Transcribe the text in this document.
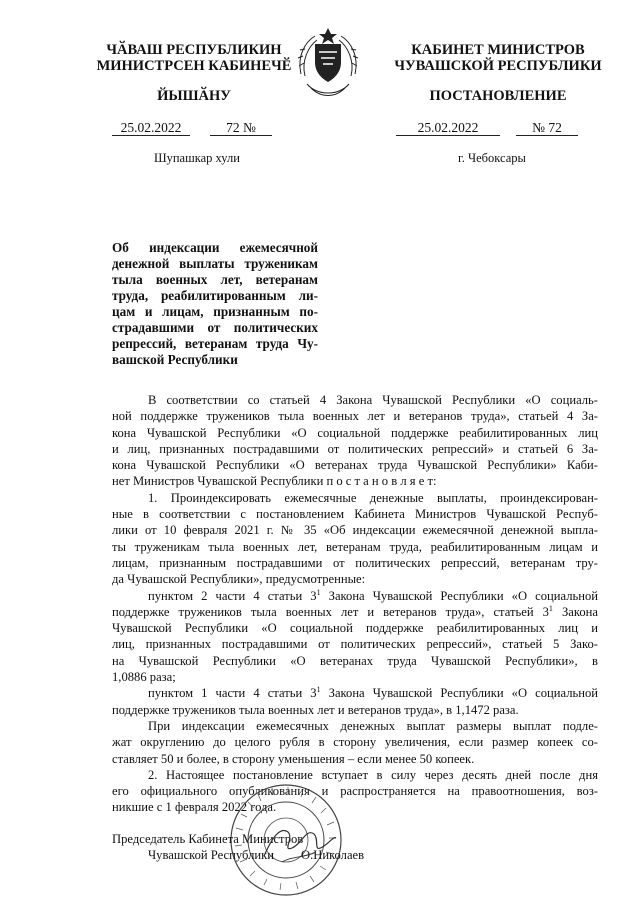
ЧӐВАШ РЕСПУБЛИКИН
МИНИСТРСЕН КАБИНЕЧӖ
ЙЫШӐНУ
КАБИНЕТ МИНИСТРОВ
ЧУВАШСКОЙ РЕСПУБЛИКИ
ПОСТАНОВЛЕНИЕ
25.02.2022	72 №	25.02.2022	№ 72
Шупашкар хули	г. Чебоксары
Об индексации ежемесячной
денежной выплаты труженикам
тыла военных лет, ветеранам
труда, реабилитированным ли-
цам и лицам, признанным по-
страдавшими от политических
репрессий, ветеранам труда Чу-
вашской Республики
В соответствии со статьей 4 Закона Чувашской Республики «О социаль-
ной поддержке тружеников тыла военных лет и ветеранов труда», статьей 4 За-
кона Чувашской Республики «О социальной поддержке реабилитированных лиц
и лиц, признанных пострадавшими от политических репрессий» и статьей 6 За-
кона Чувашской Республики «О ветеранах труда Чувашской Республики» Каби-
нет Министров Чувашской Республики п о с т а н о в л я е т:
1. Проиндексировать ежемесячные денежные выплаты, проиндексирован-
ные в соответствии с постановлением Кабинета Министров Чувашской Респуб-
лики от 10 февраля 2021 г. № 35 «Об индексации ежемесячной денежной выпла-
ты труженикам тыла военных лет, ветеранам труда, реабилитированным лицам и
лицам, признанным пострадавшими от политических репрессий, ветеранам тру-
да Чувашской Республики», предусмотренные:
пунктом 2 части 4 статьи $3^1$ Закона Чувашской Республики «О социальной
поддержке тружеников тыла военных лет и ветеранов труда», статьей $3^1$ Закона
Чувашской Республики «О социальной поддержке реабилитированных лиц и
лиц, признанных пострадавшими от политических репрессий», статьей 5 Зако-
на Чувашской Республики «О ветеранах труда Чувашской Республики», в
1,0886 раза;
пунктом 1 части 4 статьи $3^1$ Закона Чувашской Республики «О социальной
поддержке тружеников тыла военных лет и ветеранов труда», в 1,1472 раза.
При индексации ежемесячных денежных выплат размеры выплат подле-
жат округлению до целого рубля в сторону увеличения, если размер копеек со-
ставляет 50 и более, в сторону уменьшения – если менее 50 копеек.
2. Настоящее постановление вступает в силу через десять дней после дня
его официального опубликования и распространяется на правоотношения, воз-
никшие с 1 февраля 2022 года.
Председатель Кабинета Министров
Чувашской Республики	О.Николаев
